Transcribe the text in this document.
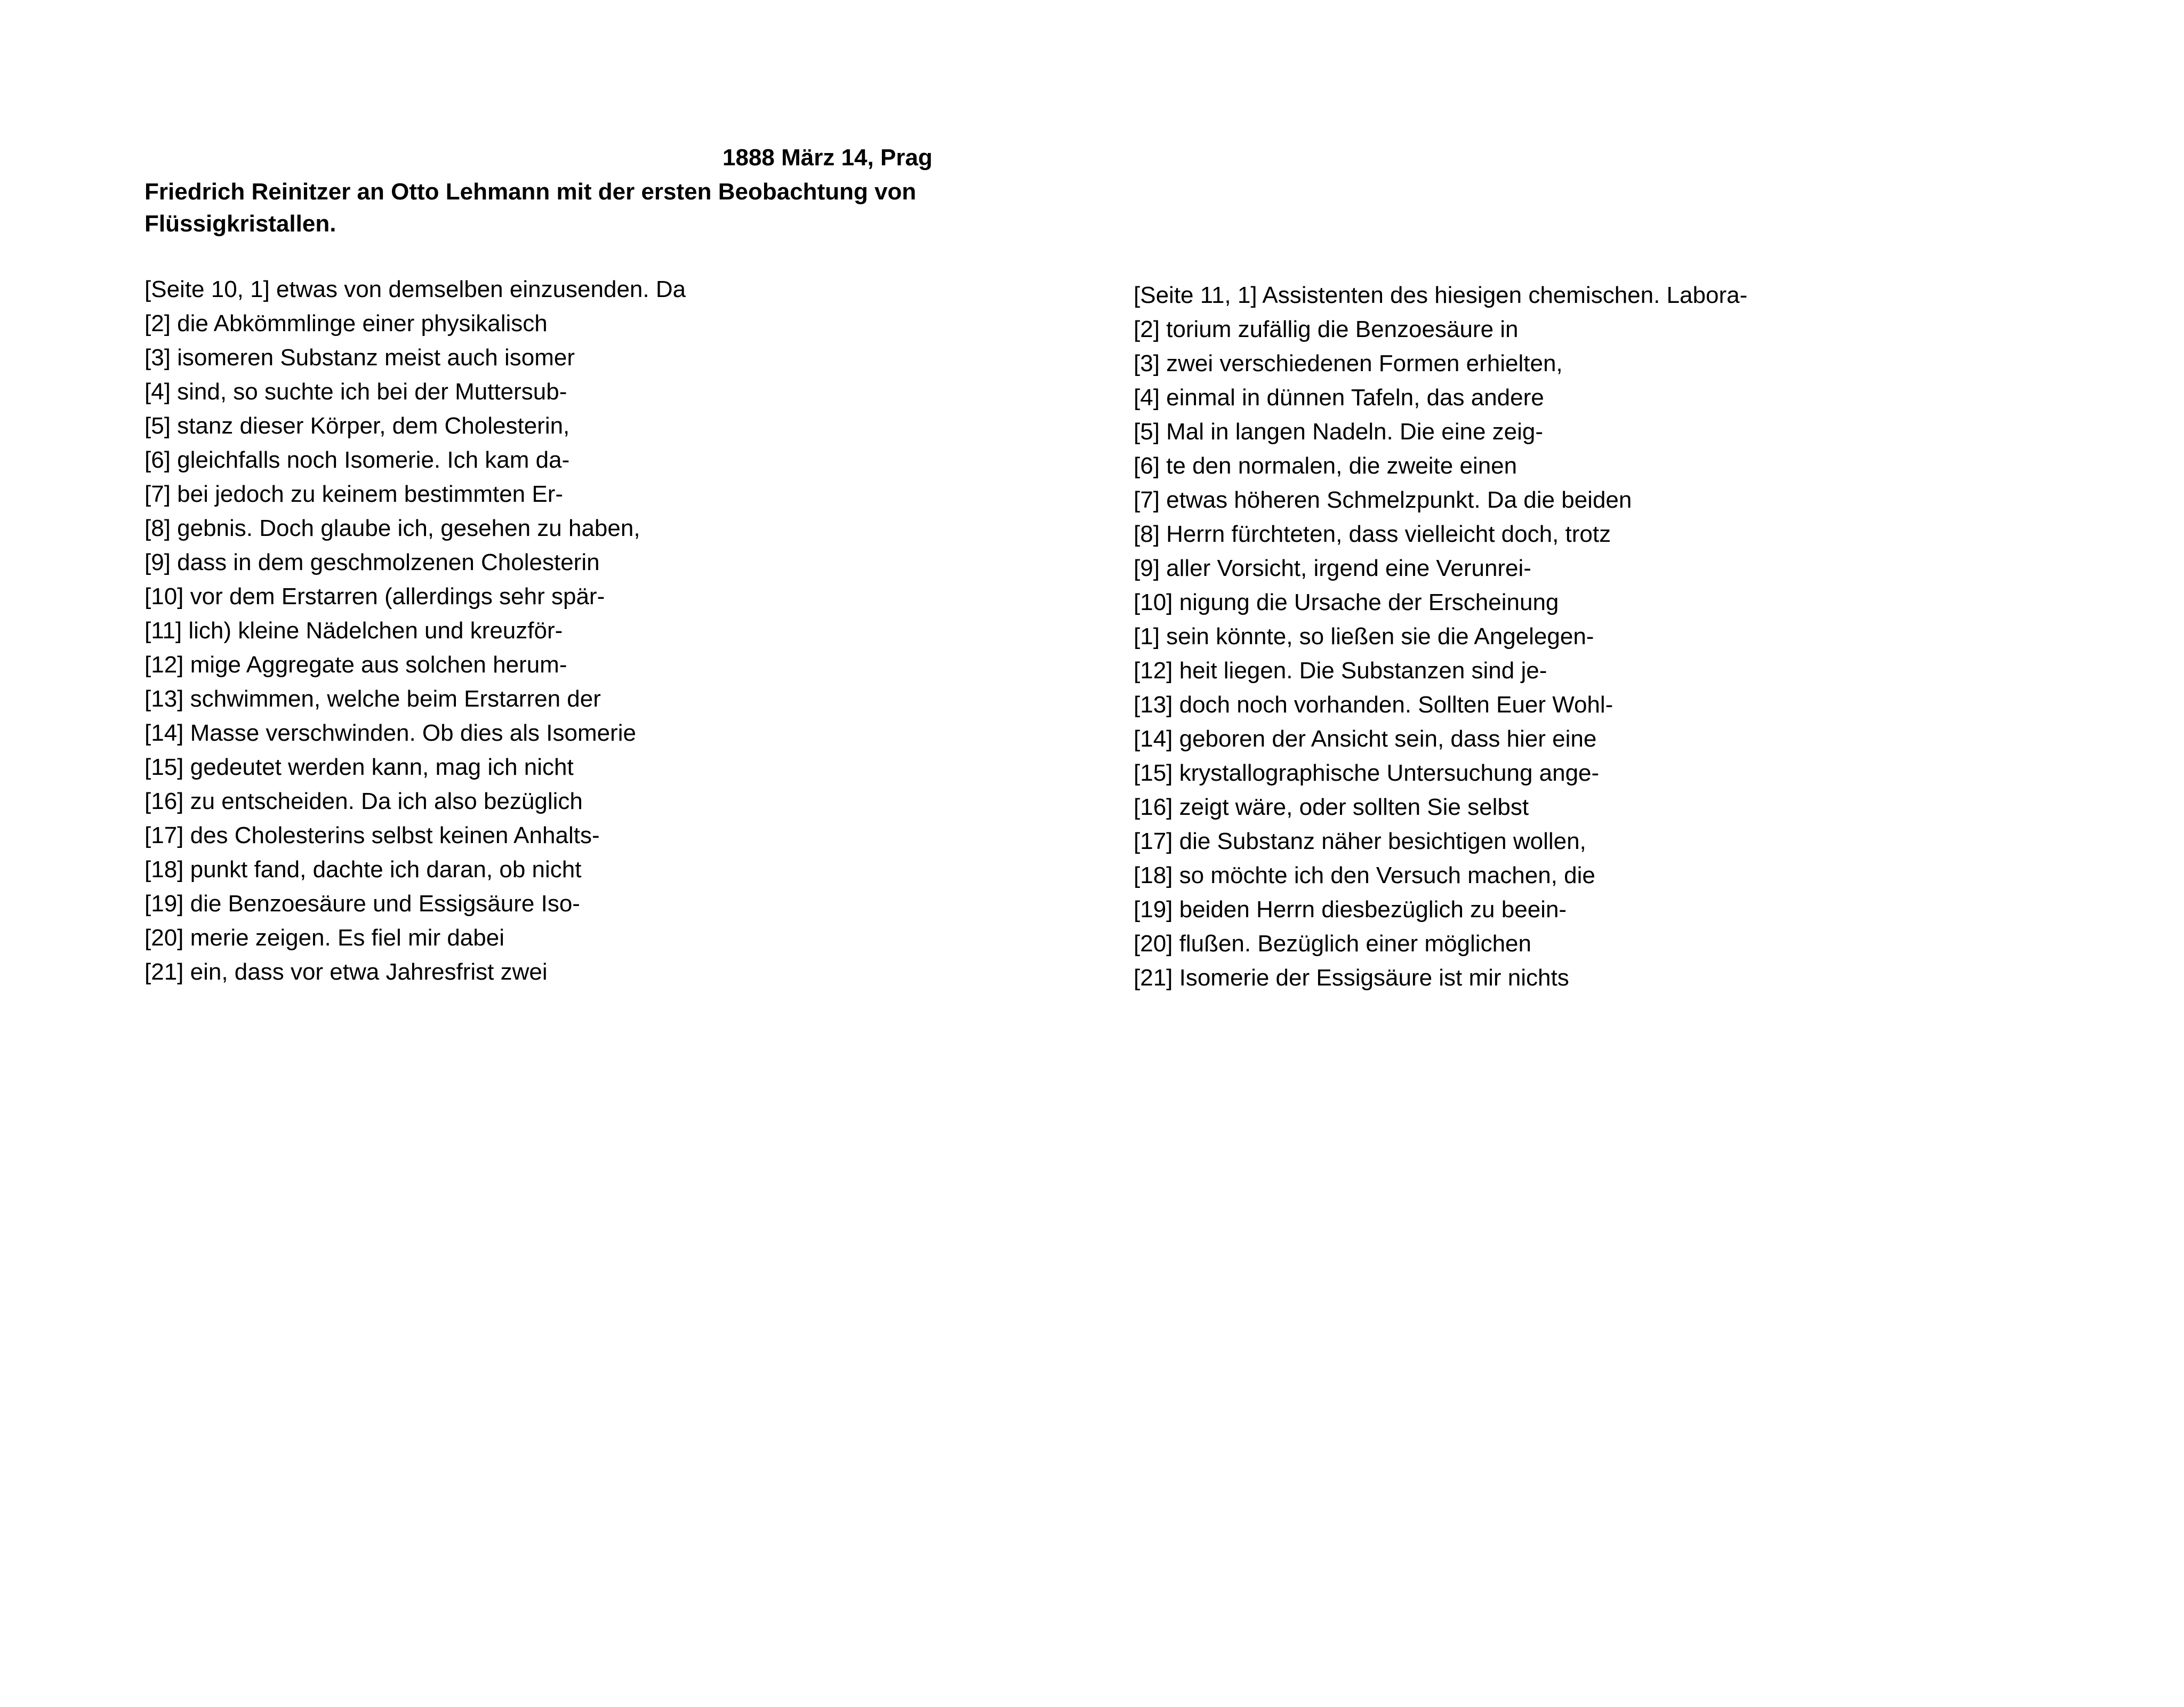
1888 März 14, Prag
Friedrich Reinitzer an Otto Lehmann mit der ersten Beobachtung von Flüssigkristallen.
[Seite 10, 1] etwas von demselben einzusenden. Da
[2] die Abkömmlinge einer physikalisch
[3] isomeren Substanz meist auch isomer
[4] sind, so suchte ich bei der Muttersub-
[5] stanz dieser Körper, dem Cholesterin,
[6] gleichfalls noch Isomerie. Ich kam da-
[7] bei jedoch zu keinem bestimmten Er-
[8] gebnis. Doch glaube ich, gesehen zu haben,
[9] dass in dem geschmolzenen Cholesterin
[10] vor dem Erstarren (allerdings sehr spär-
[11] lich) kleine Nädelchen und kreuzför-
[12] mige Aggregate aus solchen herum-
[13] schwimmen, welche beim Erstarren der
[14] Masse verschwinden. Ob dies als Isomerie
[15] gedeutet werden kann, mag ich nicht
[16] zu entscheiden. Da ich also bezüglich
[17] des Cholesterins selbst keinen Anhalts-
[18] punkt fand, dachte ich daran, ob nicht
[19] die Benzoesäure und Essigsäure Iso-
[20] merie zeigen. Es fiel mir dabei
[21] ein, dass vor etwa Jahresfrist zwei
[Seite 11, 1] Assistenten des hiesigen chemischen. Labora-
[2] torium zufällig die Benzoesäure in
[3] zwei verschiedenen Formen erhielten,
[4] einmal in dünnen Tafeln, das andere
[5] Mal in langen Nadeln. Die eine zeig-
[6] te den normalen, die zweite einen
[7] etwas höheren Schmelzpunkt. Da die beiden
[8] Herrn fürchteten, dass vielleicht doch, trotz
[9] aller Vorsicht, irgend eine Verunrei-
[10] nigung die Ursache der Erscheinung
[1] sein könnte, so ließen sie die Angelegen-
[12] heit liegen. Die Substanzen sind je-
[13] doch noch vorhanden. Sollten Euer Wohl-
[14] geboren der Ansicht sein, dass hier eine
[15] krystallographische Untersuchung ange-
[16] zeigt wäre, oder sollten Sie selbst
[17] die Substanz näher besichtigen wollen,
[18] so möchte ich den Versuch machen, die
[19] beiden Herrn diesbezüglich zu beein-
[20] flußen. Bezüglich einer möglichen
[21] Isomerie der Essigsäure ist mir nichts
